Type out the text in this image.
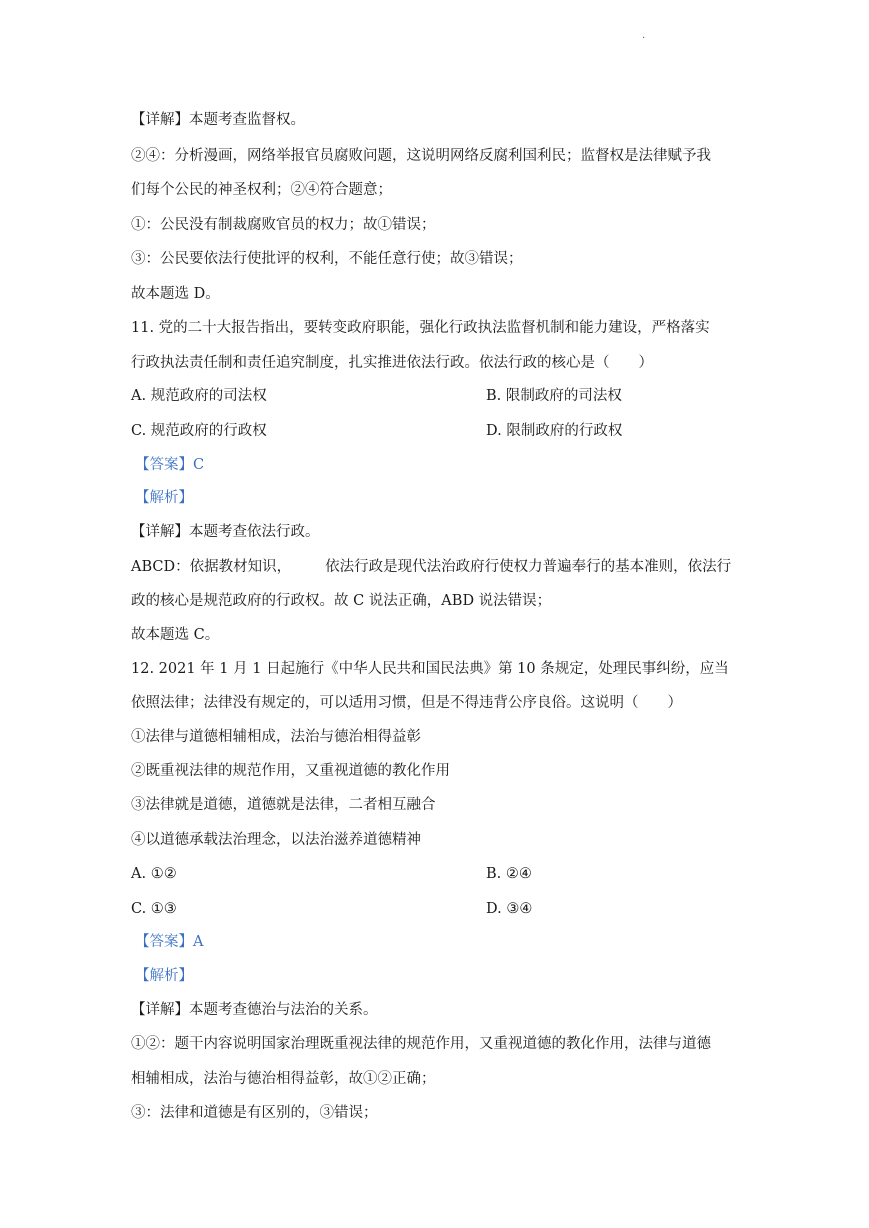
.
【详解】本题考查监督权。
②④：分析漫画，网络举报官员腐败问题，这说明网络反腐利国利民；监督权是法律赋予我
们每个公民的神圣权利；②④符合题意；
①：公民没有制裁腐败官员的权力；故①错误；
③：公民要依法行使批评的权利，不能任意行使；故③错误；
故本题选 D。
11. 党的二十大报告指出，要转变政府职能，强化行政执法监督机制和能力建设，严格落实
行政执法责任制和责任追究制度，扎实推进依法行政。依法行政的核心是（　　）
A. 规范政府的司法权	B. 限制政府的司法权
C. 规范政府的行政权	D. 限制政府的行政权
【答案】C
【解析】
【详解】本题考查依法行政。
ABCD：依据教材知识， 依法行政是现代法治政府行使权力普遍奉行的基本准则，依法行
政的核心是规范政府的行政权。故 C 说法正确，ABD 说法错误；
故本题选 C。
12. 2021 年 1 月 1 日起施行《中华人民共和国民法典》第 10 条规定，处理民事纠纷，应当
依照法律；法律没有规定的，可以适用习惯，但是不得违背公序良俗。这说明（　　）
①法律与道德相辅相成，法治与德治相得益彰
②既重视法律的规范作用，又重视道德的教化作用
③法律就是道德，道德就是法律，二者相互融合
④以道德承载法治理念，以法治滋养道德精神
A. ①②	B. ②④
C. ①③	D. ③④
【答案】A
【解析】
【详解】本题考查德治与法治的关系。
①②：题干内容说明国家治理既重视法律的规范作用，又重视道德的教化作用，法律与道德
相辅相成，法治与德治相得益彰，故①②正确；
③：法律和道德是有区别的，③错误；
